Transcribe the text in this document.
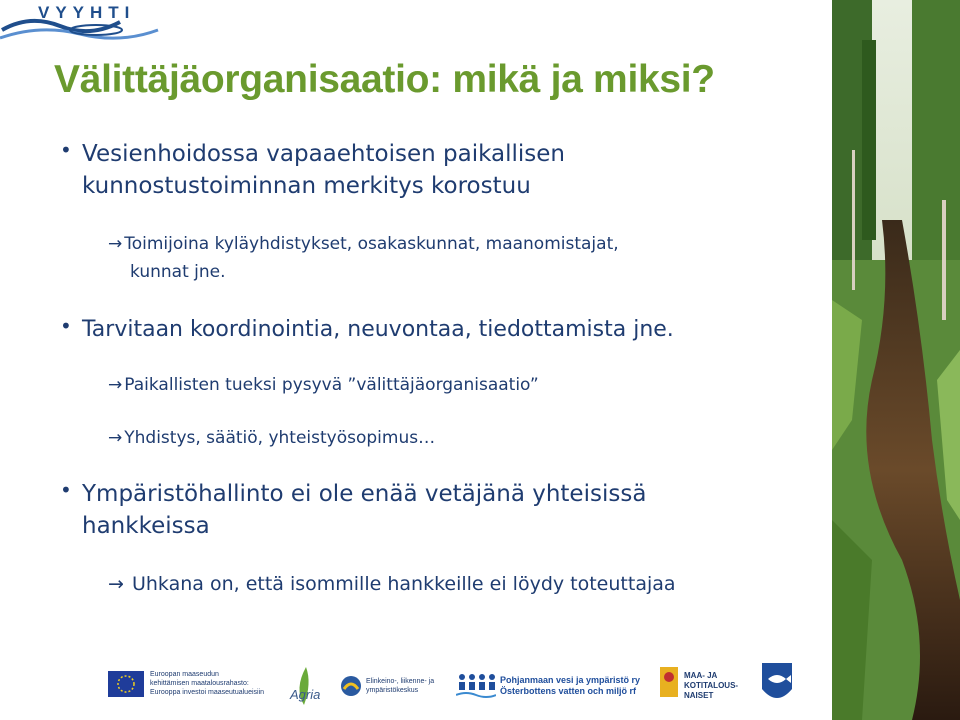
VYYHTI
Välittäjäorganisaatio: mikä ja miksi?
• Vesienhoidossa vapaaehtoisen paikallisen
kunnostustoiminnan merkitys korostuu
→ Toimijoina kyläyhdistykset, osakaskunnat, maanomistajat,
kunnat jne.
• Tarvitaan koordinointia, neuvontaa, tiedottamista jne.
→ Paikallisten tueksi pysyvä ”välittäjäorganisaatio”
→ Yhdistys, säätiö, yhteistyösopimus…
• Ympäristöhallinto ei ole enää vetäjänä yhteisissä
hankkeissa
→ Uhkana on, että isommille hankkeille ei löydy toteuttajaa
Euroopan maaseudun
kehittämisen maatalousrahasto:
Eurooppa investoi maaseutualueisiin Agria
Elinkeino-, liikenne- ja
ympäristökeskus
Pohjanmaan vesi ja ympäristö ry
Österbottens vatten och miljö rf
MAA- JA
KOTITALOUS-
NAISET
